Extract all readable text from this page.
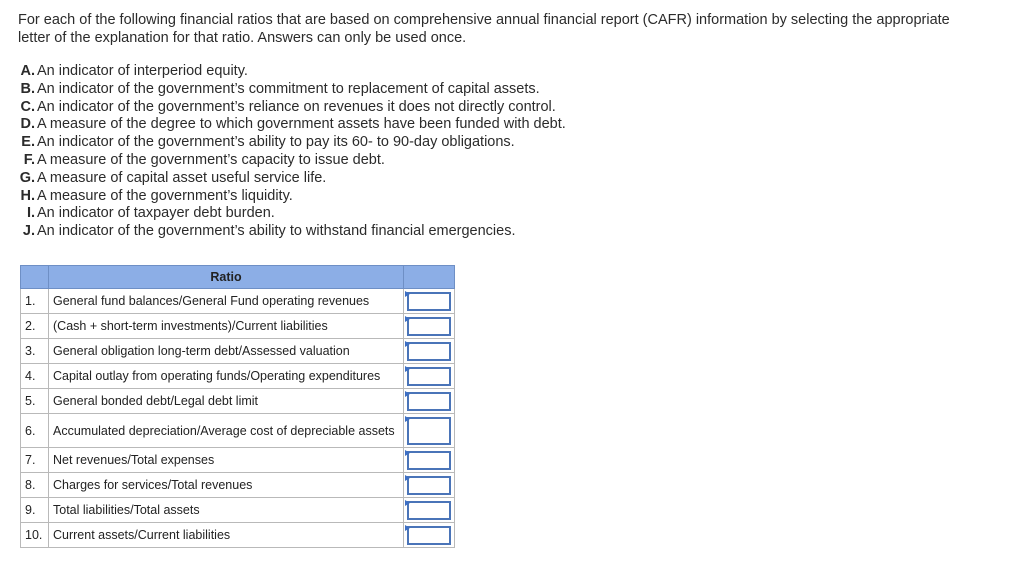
For each of the following financial ratios that are based on comprehensive annual financial report (CAFR) information by selecting the appropriate letter of the explanation for that ratio. Answers can only be used once.
A. An indicator of interperiod equity.
B. An indicator of the government’s commitment to replacement of capital assets.
C. An indicator of the government’s reliance on revenues it does not directly control.
D. A measure of the degree to which government assets have been funded with debt.
E. An indicator of the government’s ability to pay its 60- to 90-day obligations.
F. A measure of the government’s capacity to issue debt.
G. A measure of capital asset useful service life.
H. A measure of the government’s liquidity.
I. An indicator of taxpayer debt burden.
J. An indicator of the government’s ability to withstand financial emergencies.
	Ratio	
1.	General fund balances/General Fund operating revenues	

2.	(Cash + short-term investments)/Current liabilities	

3.	General obligation long-term debt/Assessed valuation	

4.	Capital outlay from operating funds/Operating expenditures	

5.	General bonded debt/Legal debt limit	

6.	Accumulated depreciation/Average cost of depreciable assets	

7.	Net revenues/Total expenses	

8.	Charges for services/Total revenues	

9.	Total liabilities/Total assets	

10.	Current assets/Current liabilities	
